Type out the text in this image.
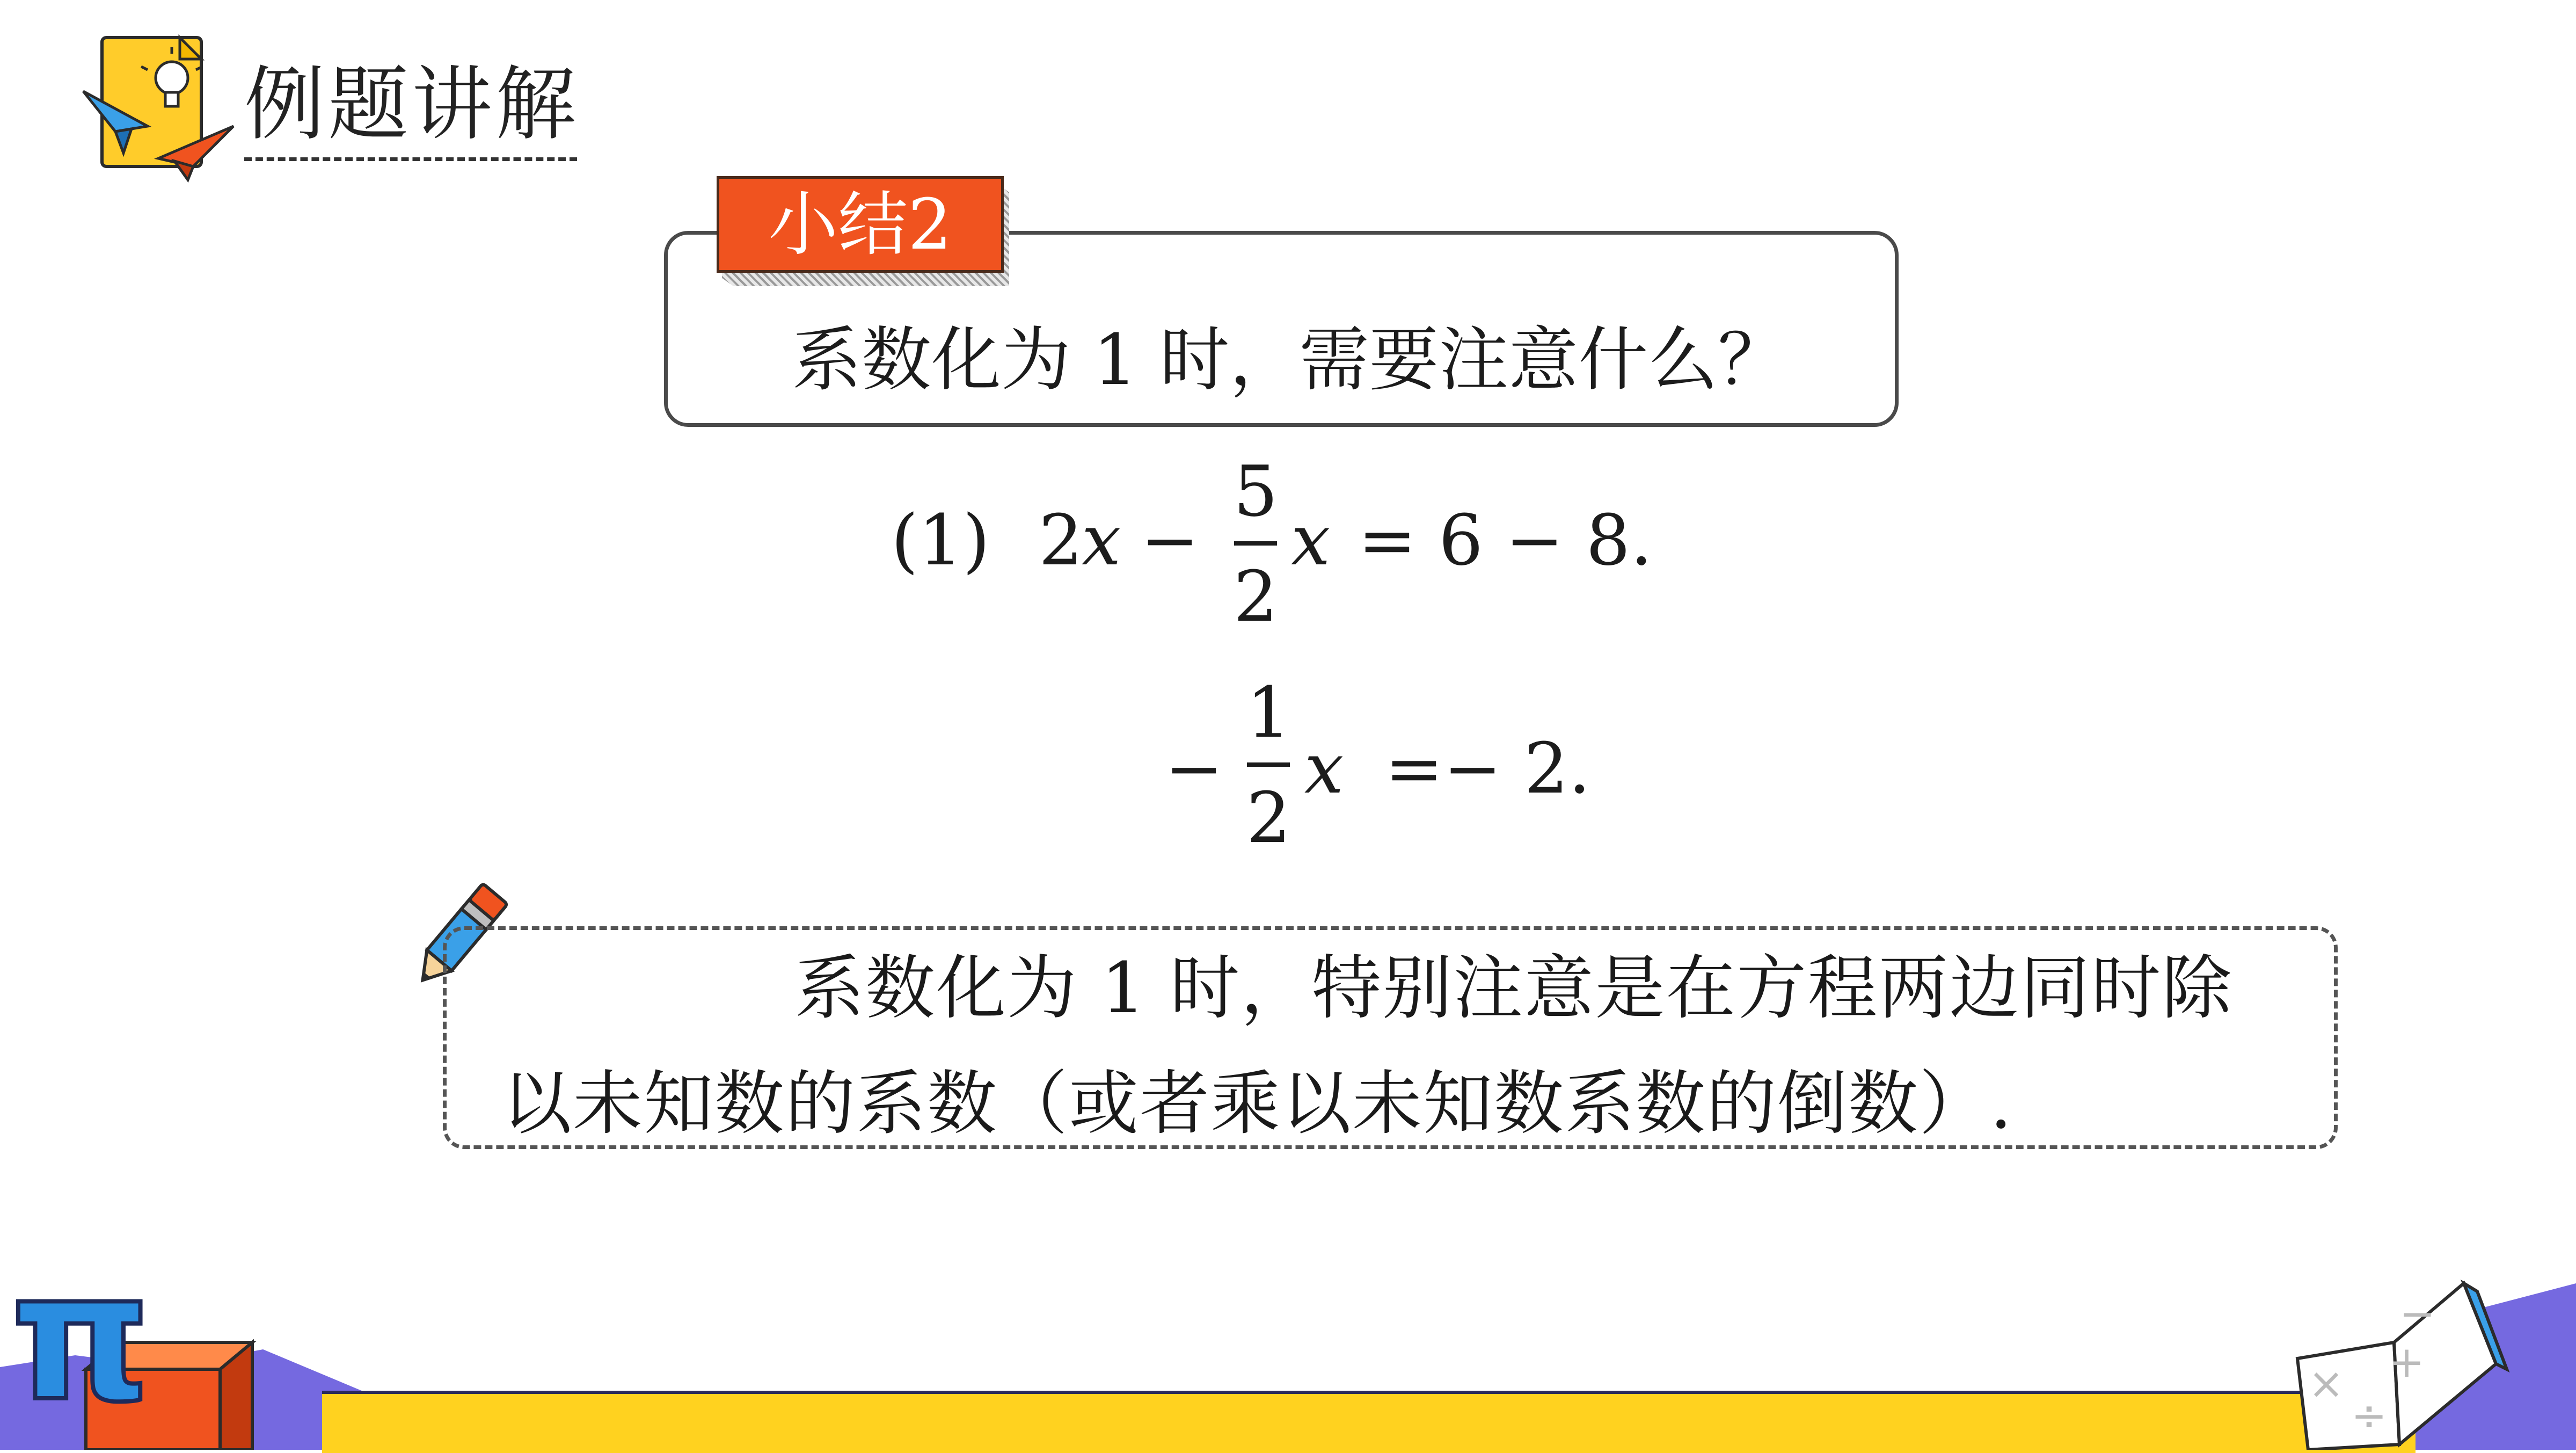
例题讲解
小结2
系数化为 1 时，需要注意什么？
(1) 2
x −
5
2
x = 6 − 8.
−
1
2
x =− 2.
系数化为 1 时，特别注意是在方程两边同时除
以未知数的系数（或者乘以未知数系数的倒数）.
π	×
÷
−
+
